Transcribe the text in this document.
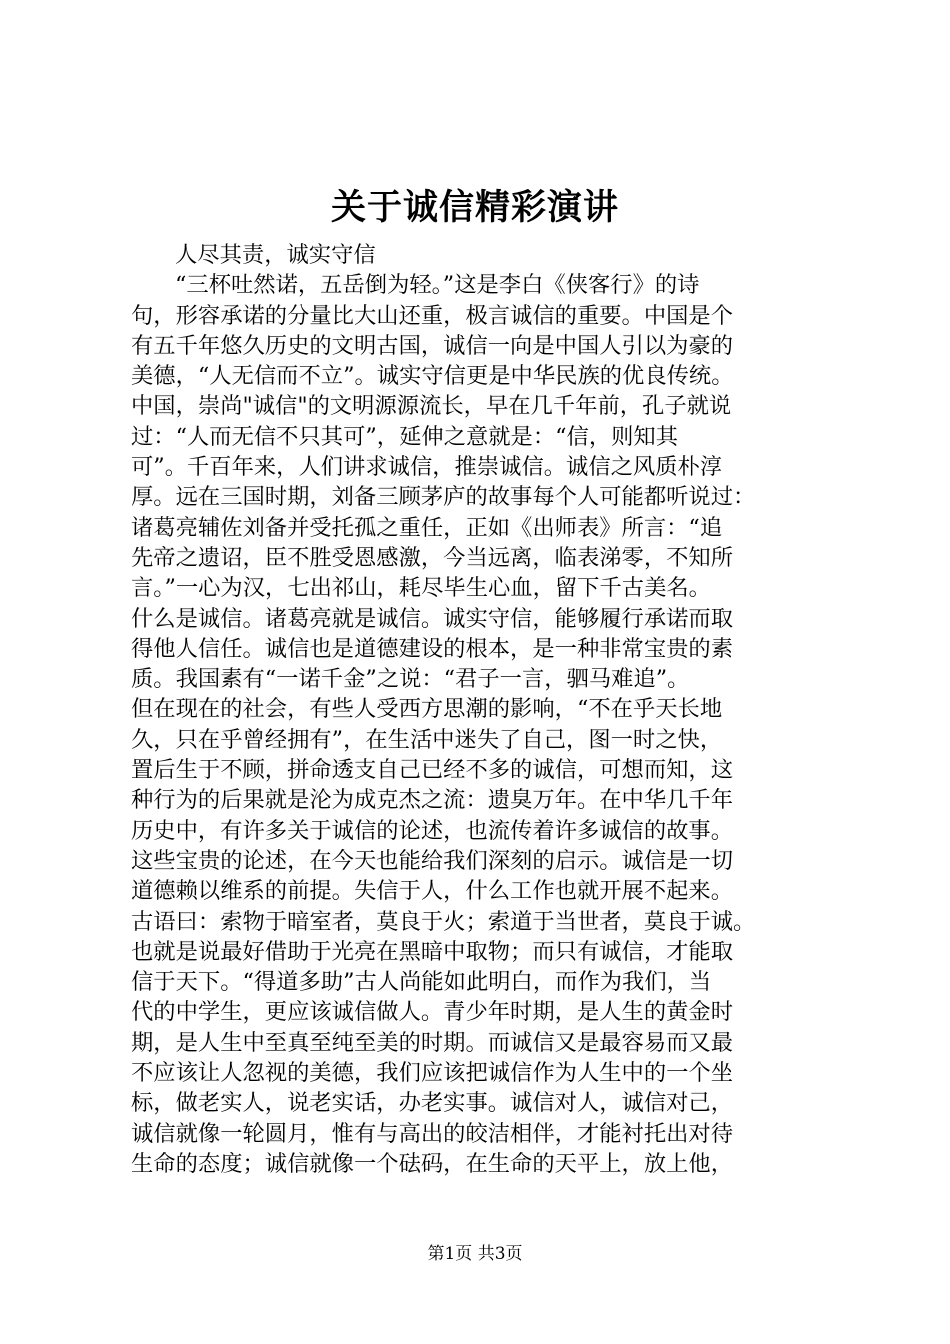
关于诚信精彩演讲
人尽其责，诚实守信
“三杯吐然诺，五岳倒为轻。”这是李白《侠客行》的诗
句，形容承诺的分量比大山还重，极言诚信的重要。中国是个
有五千年悠久历史的文明古国，诚信一向是中国人引以为豪的
美德，“人无信而不立”。诚实守信更是中华民族的优良传统。
中国，崇尚"诚信"的文明源源流长，早在几千年前，孔子就说
过：“人而无信不只其可”，延伸之意就是：“信，则知其
可”。千百年来，人们讲求诚信，推崇诚信。诚信之风质朴淳
厚。远在三国时期，刘备三顾茅庐的故事每个人可能都听说过：
诸葛亮辅佐刘备并受托孤之重任，正如《出师表》所言：“追
先帝之遗诏，臣不胜受恩感激，今当远离，临表涕零，不知所
言。”一心为汉，七出祁山，耗尽毕生心血，留下千古美名。
什么是诚信。诸葛亮就是诚信。诚实守信，能够履行承诺而取
得他人信任。诚信也是道德建设的根本，是一种非常宝贵的素
质。我国素有“一诺千金”之说：“君子一言，驷马难追”。
但在现在的社会，有些人受西方思潮的影响，“不在乎天长地
久，只在乎曾经拥有”，在生活中迷失了自己，图一时之快，
置后生于不顾，拼命透支自己已经不多的诚信，可想而知，这
种行为的后果就是沦为成克杰之流：遗臭万年。在中华几千年
历史中，有许多关于诚信的论述，也流传着许多诚信的故事。
这些宝贵的论述，在今天也能给我们深刻的启示。诚信是一切
道德赖以维系的前提。失信于人，什么工作也就开展不起来。
古语曰：索物于暗室者，莫良于火；索道于当世者，莫良于诚。
也就是说最好借助于光亮在黑暗中取物；而只有诚信，才能取
信于天下。“得道多助”古人尚能如此明白，而作为我们，当
代的中学生，更应该诚信做人。青少年时期，是人生的黄金时
期，是人生中至真至纯至美的时期。而诚信又是最容易而又最
不应该让人忽视的美德，我们应该把诚信作为人生中的一个坐
标，做老实人，说老实话，办老实事。诚信对人，诚信对己，
诚信就像一轮圆月，惟有与高出的皎洁相伴，才能衬托出对待
生命的态度；诚信就像一个砝码，在生命的天平上，放上他，
第1页 共3页
